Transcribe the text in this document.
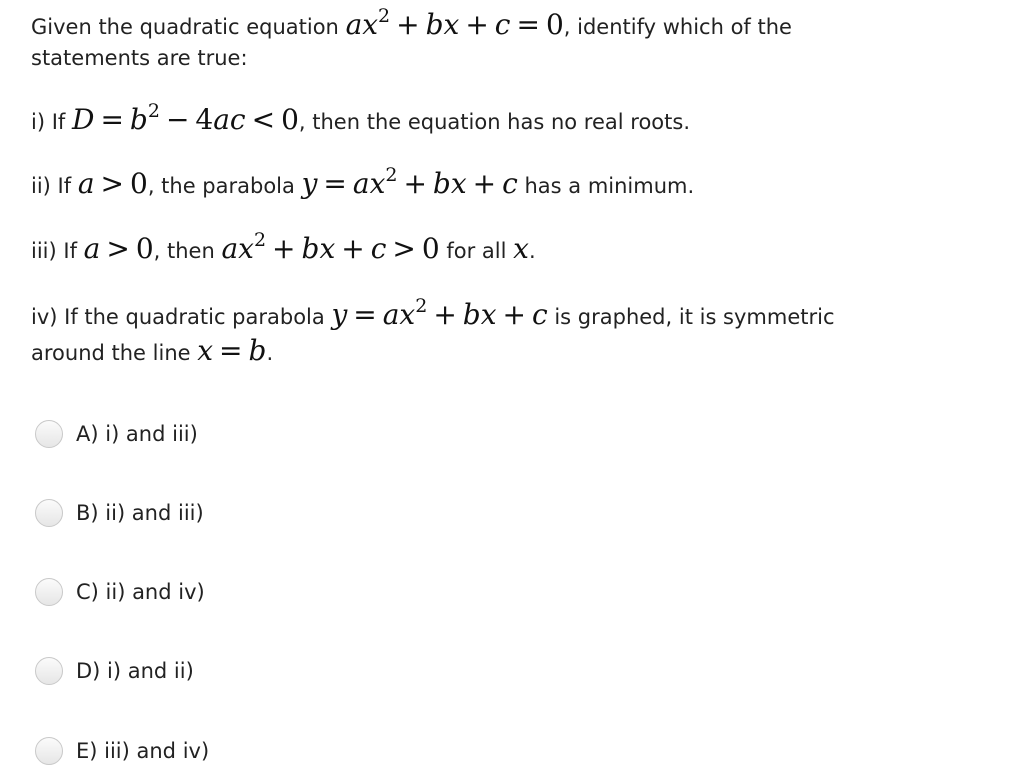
Given the quadratic equation $ax^2$ + bx + c = 0, identify which of the
statements are true:
i) If $D = b^2 - 4ac < 0$, then the equation has no real roots.
ii) If a > 0, the parabola $y = ax^2$ + bx + c has a minimum.
iii) If a > 0, then $ax^2$ + bx + c > 0 for all x.
iv) If the quadratic parabola $y = ax^2$ + bx + c is graphed, it is symmetric
around the line x = b.
A) i) and iii)
B) ii) and iii)
C) ii) and iv)
D) i) and ii)
E) iii) and iv)
